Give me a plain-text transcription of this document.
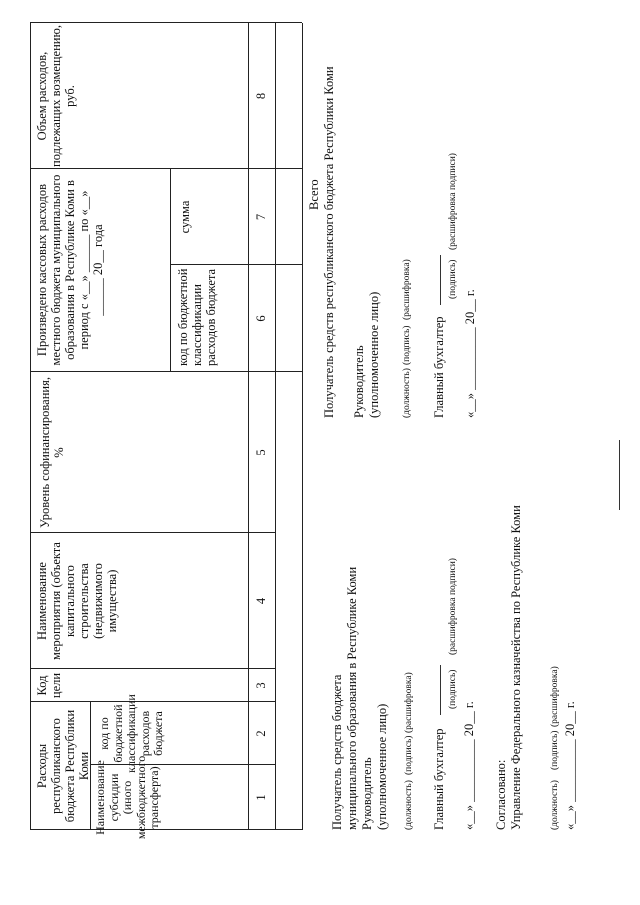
Расходы республиканского бюджета Республики Коми Наименование субсидии (иного межбюджетного трансферта)
код по бюджетной классификации расходов бюджета
Код цели
Наименование мероприятия (объекта капитального строительства (недвижимого имущества)
Уровень софинансирования, %
Произведено кассовых расходов местного бюджета муниципального образования в Республике Коми в период с «__» ______ по «__» ______ 20__ года	код по бюджетной классификации расходов бюджета
сумма
Объем расходов, подлежащих возмещению, руб.
1
2
3
4
5
6
7
8
Всего
Получатель средств бюджета муниципального образования в Республике Коми Руководитель (уполномоченное лицо) (должность)
(подпись)
(расшифровка)
Главный бухгалтер
(подпись)
(расшифровка подписи)
«__» __________ 20__ г. Согласовано: Управление Федерального казначейства по Республике Коми	(должность)
(подпись)
(расшифровка)
«__» __________ 20__ г.
Получатель средств республиканского бюджета Республики Коми Руководитель (уполномоченное лицо) (должность)
(подпись)
(расшифровка)
Главный бухгалтер
(подпись)
(расшифровка подписи)
«__» __________ 20__ г.
